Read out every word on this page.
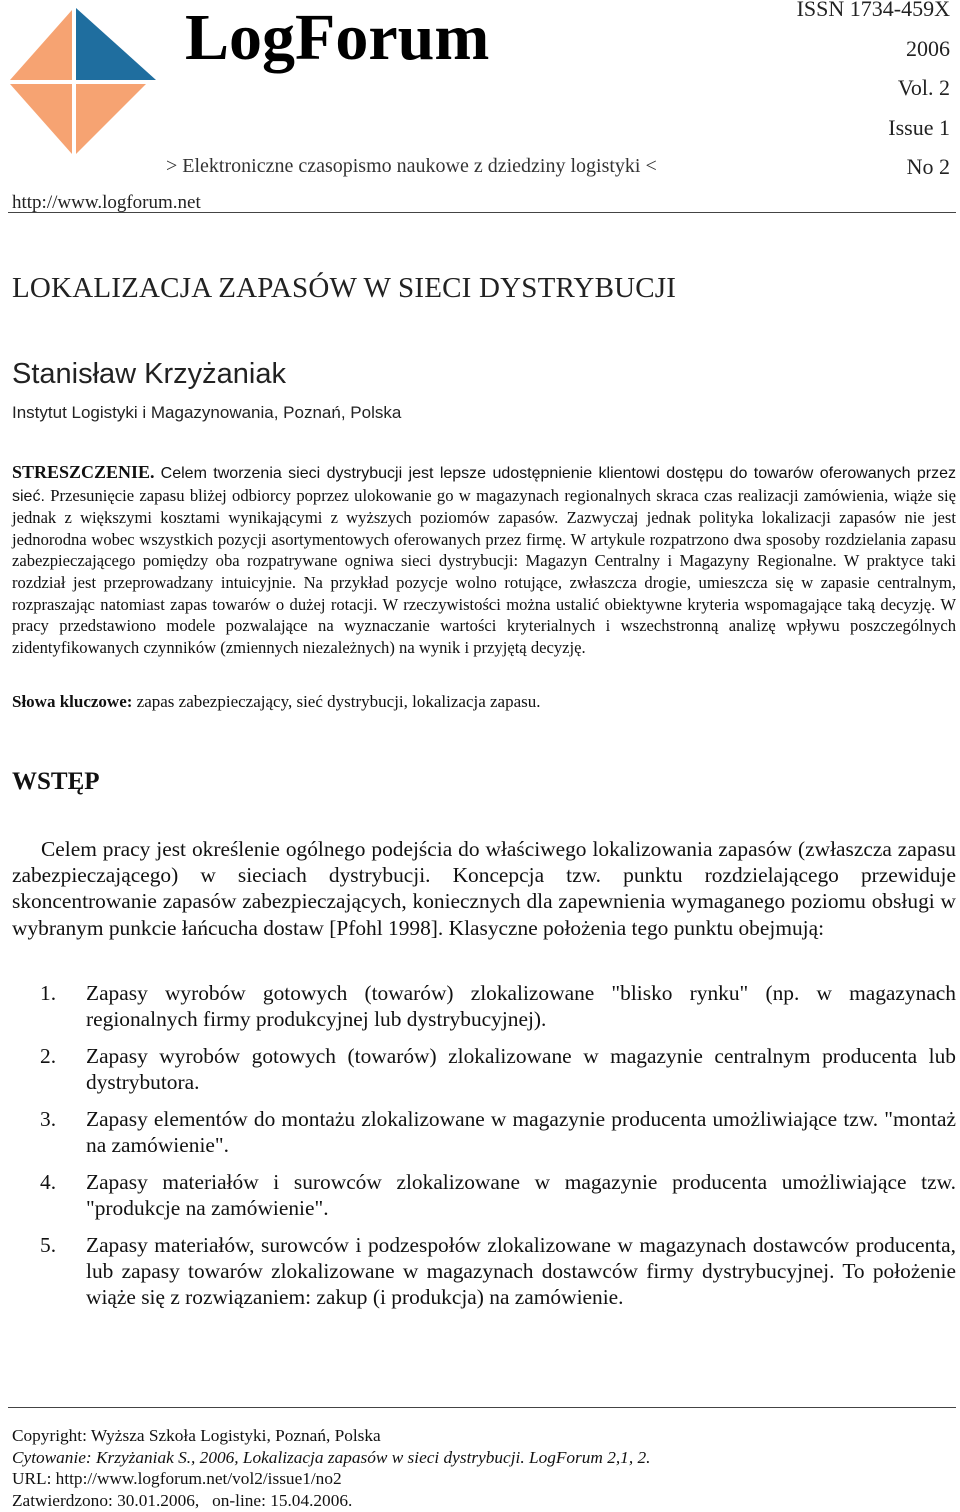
LogForum
> Elektroniczne czasopismo naukowe z dziedziny logistyki <
http://www.logforum.net
ISSN 1734-459X
2006
Vol. 2
Issue 1
No 2
LOKALIZACJA ZAPASÓW W SIECI DYSTRYBUCJI
Stanisław Krzyżaniak
Instytut Logistyki i Magazynowania, Poznań, Polska
STRESZCZENIE. Celem tworzenia sieci dystrybucji jest lepsze udostępnienie klientowi dostępu do towarów oferowanych przez sieć. Przesunięcie zapasu bliżej odbiorcy poprzez ulokowanie go w magazynach regionalnych skraca czas realizacji zamówienia, wiąże się jednak z większymi kosztami wynikającymi z wyższych poziomów zapasów. Zazwyczaj jednak polityka lokalizacji zapasów nie jest jednorodna wobec wszystkich pozycji asortymentowych oferowanych przez firmę. W artykule rozpatrzono dwa sposoby rozdzielania zapasu zabezpieczającego pomiędzy oba rozpatrywane ogniwa sieci dystrybucji: Magazyn Centralny i Magazyny Regionalne. W praktyce taki rozdział jest przeprowadzany intuicyjnie. Na przykład pozycje wolno rotujące, zwłaszcza drogie, umieszcza się w zapasie centralnym, rozpraszając natomiast zapas towarów o dużej rotacji. W rzeczywistości można ustalić obiektywne kryteria wspomagające taką decyzję. W pracy przedstawiono modele pozwalające na wyznaczanie wartości kryterialnych i wszechstronną analizę wpływu poszczególnych zidentyfikowanych czynników (zmiennych niezależnych) na wynik i przyjętą decyzję.
Słowa kluczowe: zapas zabezpieczający, sieć dystrybucji, lokalizacja zapasu.
WSTĘP
Celem pracy jest określenie ogólnego podejścia do właściwego lokalizowania zapasów (zwłaszcza zapasu zabezpieczającego) w sieciach dystrybucji. Koncepcja tzw. punktu rozdzielającego przewiduje skoncentrowanie zapasów zabezpieczających, koniecznych dla zapewnienia wymaganego poziomu obsługi w wybranym punkcie łańcucha dostaw [Pfohl 1998]. Klasyczne położenia tego punktu obejmują:
1. Zapasy wyrobów gotowych (towarów) zlokalizowane "blisko rynku" (np. w magazynach regionalnych firmy produkcyjnej lub dystrybucyjnej).
2. Zapasy wyrobów gotowych (towarów) zlokalizowane w magazynie centralnym producenta lub dystrybutora.
3. Zapasy elementów do montażu zlokalizowane w magazynie producenta umożliwiające tzw. "montaż na zamówienie".
4. Zapasy materiałów i surowców zlokalizowane w magazynie producenta umożliwiające tzw. "produkcje na zamówienie".
5. Zapasy materiałów, surowców i podzespołów zlokalizowane w magazynach dostawców producenta, lub zapasy towarów zlokalizowane w magazynach dostawców firmy dystrybucyjnej. To położenie wiąże się z rozwiązaniem: zakup (i produkcja) na zamówienie.
Copyright: Wyższa Szkoła Logistyki, Poznań, Polska
Cytowanie: Krzyżaniak S., 2006, Lokalizacja zapasów w sieci dystrybucji. LogForum 2,1, 2.
URL: http://www.logforum.net/vol2/issue1/no2
Zatwierdzono: 30.01.2006,   on-line: 15.04.2006.
